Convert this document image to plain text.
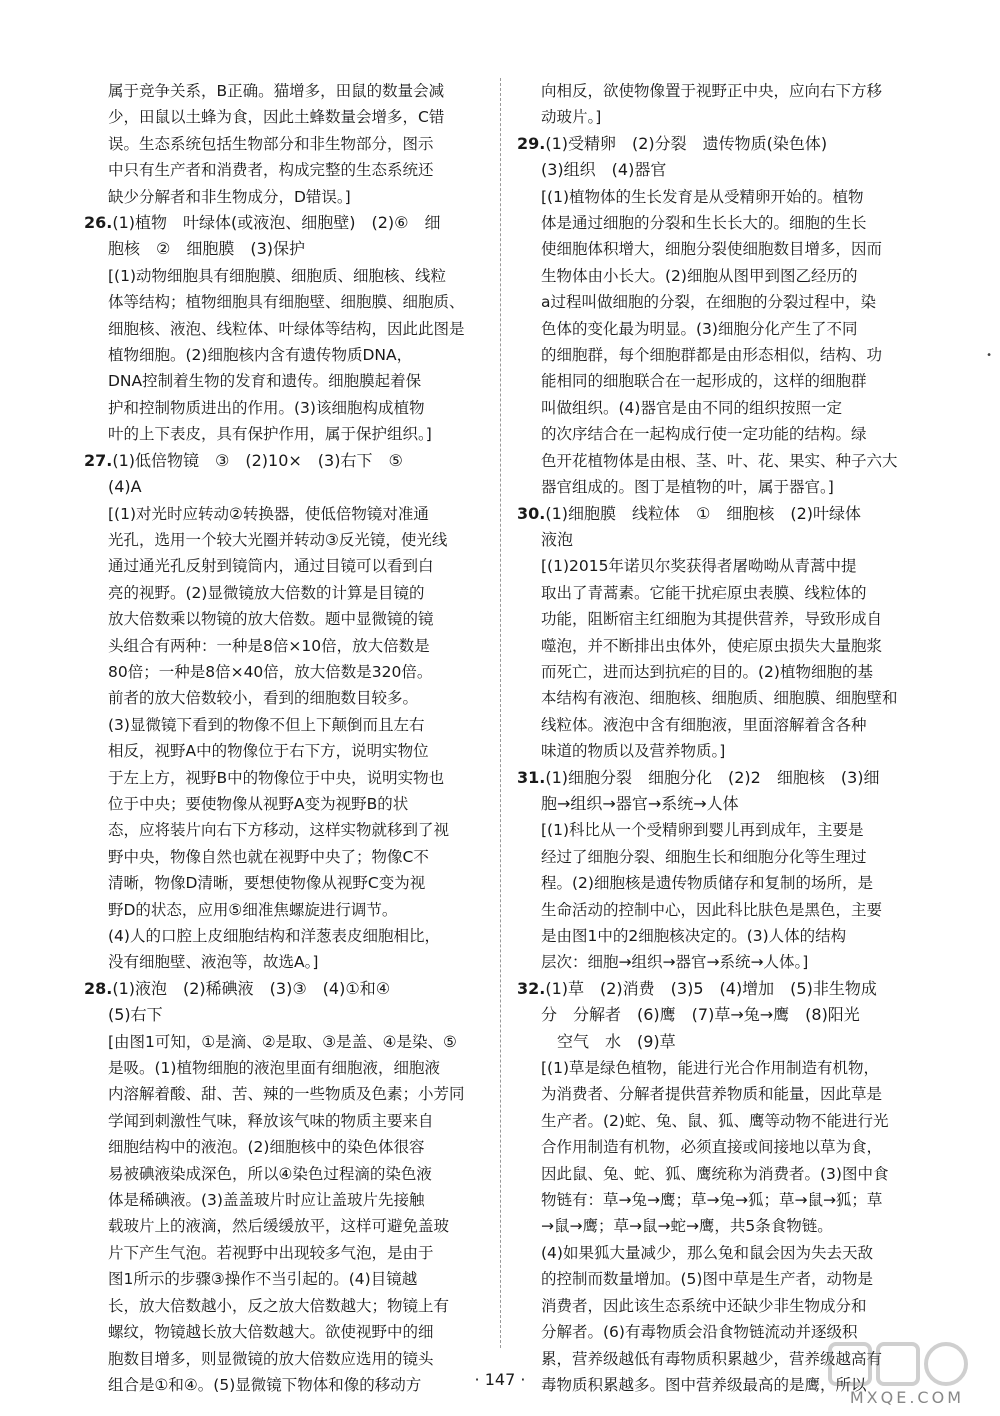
属于竞争关系，B正确。猫增多，田鼠的数量会减
少，田鼠以土蜂为食，因此土蜂数量会增多，C错
误。生态系统包括生物部分和非生物部分，图示
中只有生产者和消费者，构成完整的生态系统还
缺少分解者和非生物成分，D错误。]
26.(1)植物　叶绿体(或液泡、细胞壁)　(2)⑥　细
胞核　②　细胞膜　(3)保护
[(1)动物细胞具有细胞膜、细胞质、细胞核、线粒
体等结构；植物细胞具有细胞壁、细胞膜、细胞质、
细胞核、液泡、线粒体、叶绿体等结构，因此此图是
植物细胞。(2)细胞核内含有遗传物质DNA，
DNA控制着生物的发育和遗传。细胞膜起着保
护和控制物质进出的作用。(3)该细胞构成植物
叶的上下表皮，具有保护作用，属于保护组织。]
27.(1)低倍物镜　③　(2)10×　(3)右下　⑤
(4)A
[(1)对光时应转动②转换器，使低倍物镜对准通
光孔，选用一个较大光圈并转动③反光镜，使光线
通过通光孔反射到镜筒内，通过目镜可以看到白
亮的视野。(2)显微镜放大倍数的计算是目镜的
放大倍数乘以物镜的放大倍数。题中显微镜的镜
头组合有两种：一种是8倍×10倍，放大倍数是
80倍；一种是8倍×40倍，放大倍数是320倍。
前者的放大倍数较小，看到的细胞数目较多。
(3)显微镜下看到的物像不但上下颠倒而且左右
相反，视野A中的物像位于右下方，说明实物位
于左上方，视野B中的物像位于中央，说明实物也
位于中央；要使物像从视野A变为视野B的状
态，应将装片向右下方移动，这样实物就移到了视
野中央，物像自然也就在视野中央了；物像C不
清晰，物像D清晰，要想使物像从视野C变为视
野D的状态，应用⑤细准焦螺旋进行调节。
(4)人的口腔上皮细胞结构和洋葱表皮细胞相比，
没有细胞壁、液泡等，故选A。]
28.(1)液泡　(2)稀碘液　(3)③　(4)①和④
(5)右下
[由图1可知，①是滴、②是取、③是盖、④是染、⑤
是吸。(1)植物细胞的液泡里面有细胞液，细胞液
内溶解着酸、甜、苦、辣的一些物质及色素；小芳同
学闻到刺激性气味，释放该气味的物质主要来自
细胞结构中的液泡。(2)细胞核中的染色体很容
易被碘液染成深色，所以④染色过程滴的染色液
体是稀碘液。(3)盖盖玻片时应让盖玻片先接触
载玻片上的液滴，然后缓缓放平，这样可避免盖玻
片下产生气泡。若视野中出现较多气泡，是由于
图1所示的步骤③操作不当引起的。(4)目镜越
长，放大倍数越小，反之放大倍数越大；物镜上有
螺纹，物镜越长放大倍数越大。欲使视野中的细
胞数目增多，则显微镜的放大倍数应选用的镜头
组合是①和④。(5)显微镜下物体和像的移动方
向相反，欲使物像置于视野正中央，应向右下方移
动玻片。]
29.(1)受精卵　(2)分裂　遗传物质(染色体)
(3)组织　(4)器官
[(1)植物体的生长发育是从受精卵开始的。植物
体是通过细胞的分裂和生长长大的。细胞的生长
使细胞体积增大，细胞分裂使细胞数目增多，因而
生物体由小长大。(2)细胞从图甲到图乙经历的
a过程叫做细胞的分裂，在细胞的分裂过程中，染
色体的变化最为明显。(3)细胞分化产生了不同
的细胞群，每个细胞群都是由形态相似，结构、功
能相同的细胞联合在一起形成的，这样的细胞群
叫做组织。(4)器官是由不同的组织按照一定
的次序结合在一起构成行使一定功能的结构。绿
色开花植物体是由根、茎、叶、花、果实、种子六大
器官组成的。图丁是植物的叶，属于器官。]
30.(1)细胞膜　线粒体　①　细胞核　(2)叶绿体
液泡
[(1)2015年诺贝尔奖获得者屠呦呦从青蒿中提
取出了青蒿素。它能干扰疟原虫表膜、线粒体的
功能，阻断宿主红细胞为其提供营养，导致形成自
噬泡，并不断排出虫体外，使疟原虫损失大量胞浆
而死亡，进而达到抗疟的目的。(2)植物细胞的基
本结构有液泡、细胞核、细胞质、细胞膜、细胞壁和
线粒体。液泡中含有细胞液，里面溶解着含各种
味道的物质以及营养物质。]
31.(1)细胞分裂　细胞分化　(2)2　细胞核　(3)细
胞→组织→器官→系统→人体
[(1)科比从一个受精卵到婴儿再到成年，主要是
经过了细胞分裂、细胞生长和细胞分化等生理过
程。(2)细胞核是遗传物质储存和复制的场所，是
生命活动的控制中心，因此科比肤色是黑色，主要
是由图1中的2细胞核决定的。(3)人体的结构
层次：细胞→组织→器官→系统→人体。]
32.(1)草　(2)消费　(3)5　(4)增加　(5)非生物成
分　分解者　(6)鹰　(7)草→兔→鹰　(8)阳光
空气　水　(9)草
[(1)草是绿色植物，能进行光合作用制造有机物，
为消费者、分解者提供营养物质和能量，因此草是
生产者。(2)蛇、兔、鼠、狐、鹰等动物不能进行光
合作用制造有机物，必须直接或间接地以草为食，
因此鼠、兔、蛇、狐、鹰统称为消费者。(3)图中食
物链有：草→兔→鹰；草→兔→狐；草→鼠→狐；草
→鼠→鹰；草→鼠→蛇→鹰，共5条食物链。
(4)如果狐大量减少，那么兔和鼠会因为失去天敌
的控制而数量增加。(5)图中草是生产者，动物是
消费者，因此该生态系统中还缺少非生物成分和
分解者。(6)有毒物质会沿食物链流动并逐级积
累，营养级越低有毒物质积累越少，营养级越高有
毒物质积累越多。图中营养级最高的是鹰，所以
•
· 147 ·
MXQE.COM
